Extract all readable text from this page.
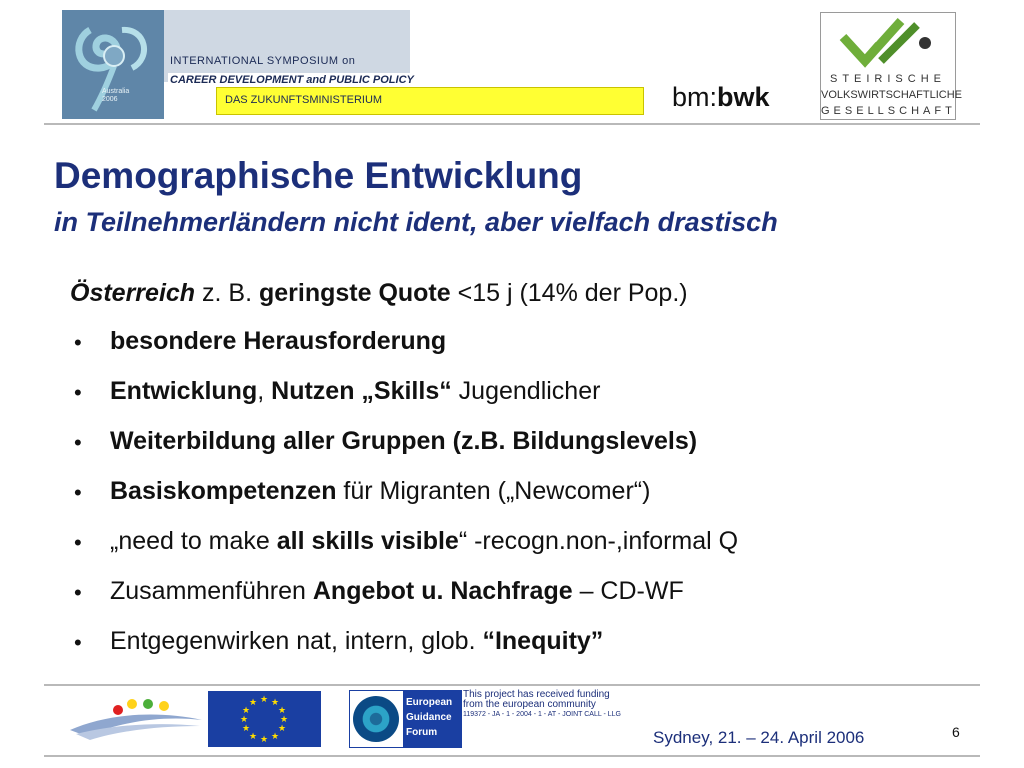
Australia 2006
INTERNATIONAL SYMPOSIUM on
CAREER DEVELOPMENT and PUBLIC POLICY
DAS ZUKUNFTSMINISTERIUM	bm:bwk
STEIRISCHE
VOLKSWIRTSCHAFTLICHE
GESELLSCHAFT
Demographische Entwicklung
in Teilnehmerländern nicht ident, aber vielfach drastisch
Österreich z. B. geringste Quote <15 j (14% der Pop.)
• besondere Herausforderung
• Entwicklung, Nutzen „Skills“ Jugendlicher
• Weiterbildung aller Gruppen (z.B. Bildungslevels)
• Basiskompetenzen für Migranten („Newcomer“)
• „need to make all skills visible“ -recogn.non-,informal Q
• Zusammenführen Angebot u. Nachfrage – CD-WF
• Entgegenwirken nat, intern, glob. “Inequity”
★ ★
★
★
★
★
★
★
★
★
★
★	European
Guidance
Forum
This project has received funding
from the european community
119372 - JA - 1 - 2004 - 1 - AT - JOINT CALL - LLG
Sydney, 21. – 24. April 2006	6
